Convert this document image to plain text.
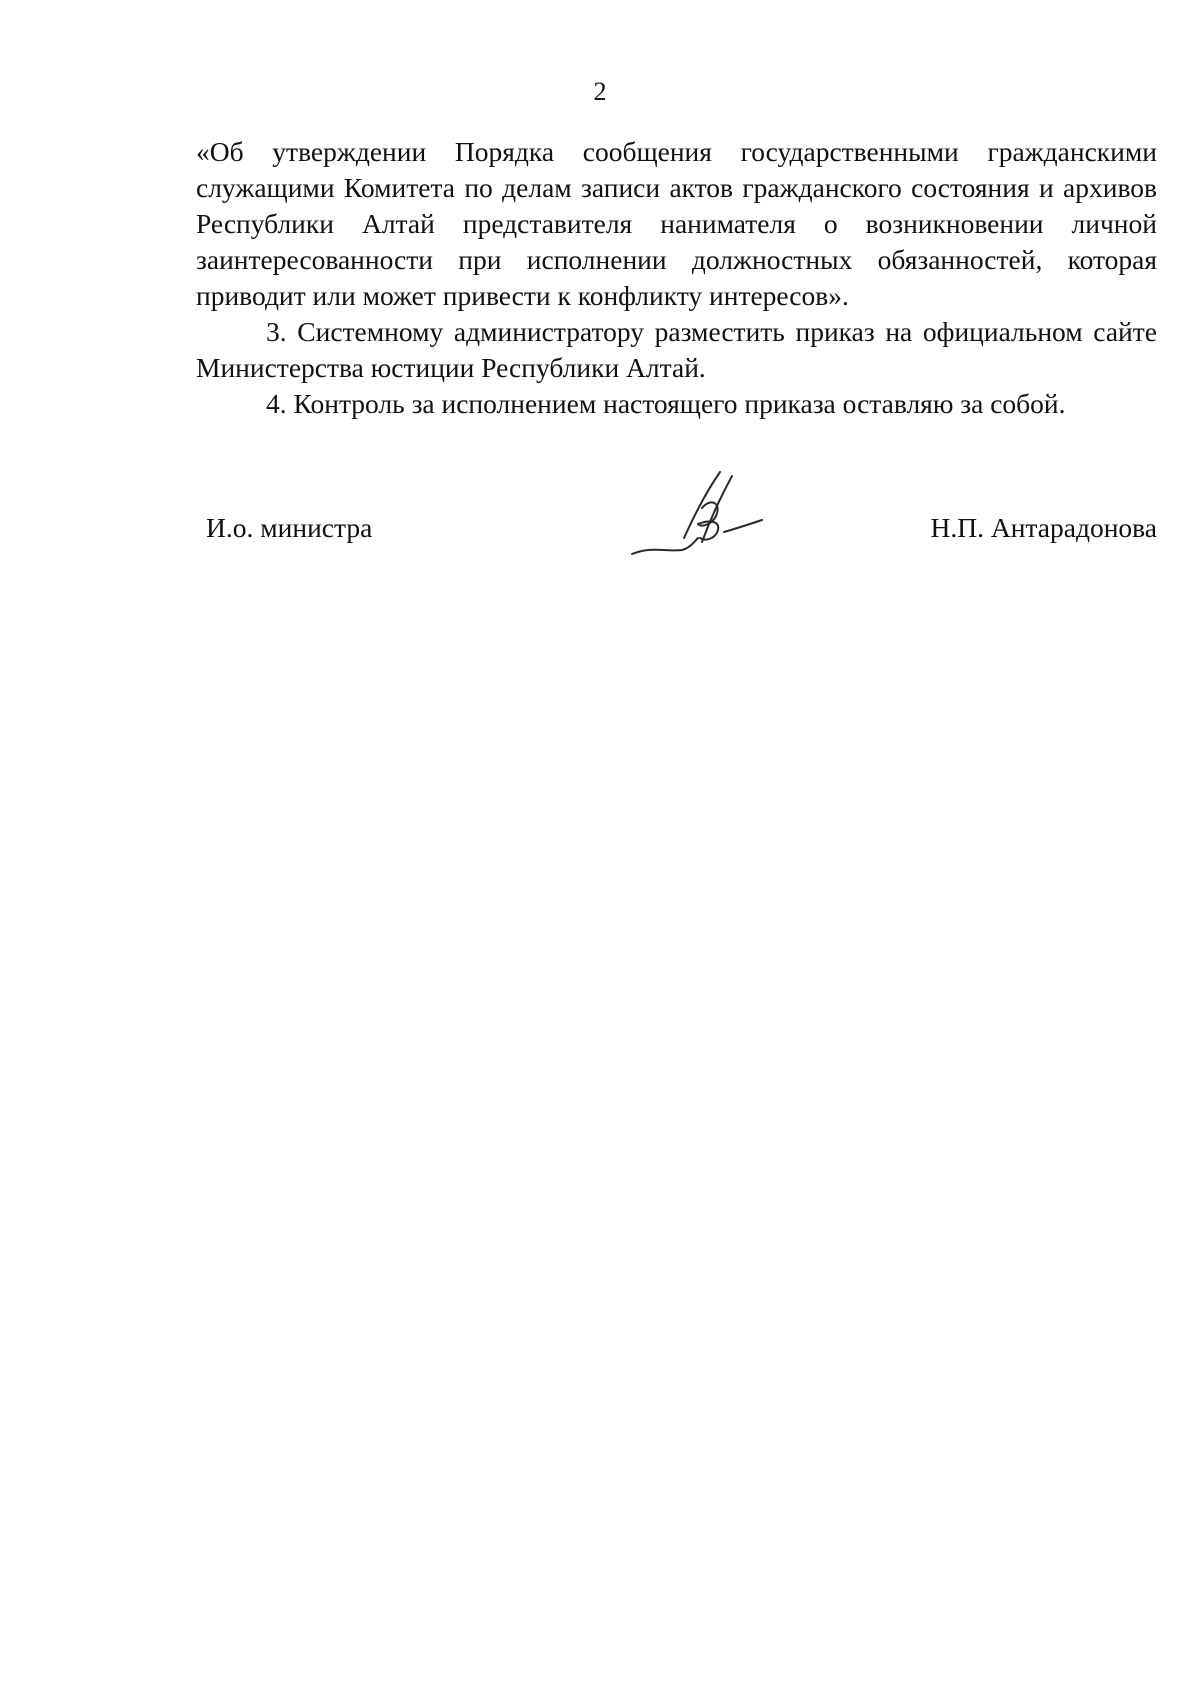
2

«Об утверждении Порядка сообщения государственными гражданскими служащими Комитета по делам записи актов гражданского состояния и архивов Республики Алтай представителя нанимателя о возникновении личной заинтересованности при исполнении должностных обязанностей, которая приводит или может привести к конфликту интересов».

3. Системному администратору разместить приказ на официальном сайте Министерства юстиции Республики Алтай.

4. Контроль за исполнением настоящего приказа оставляю за собой.

И.о. министра	Н.П. Антарадонова
